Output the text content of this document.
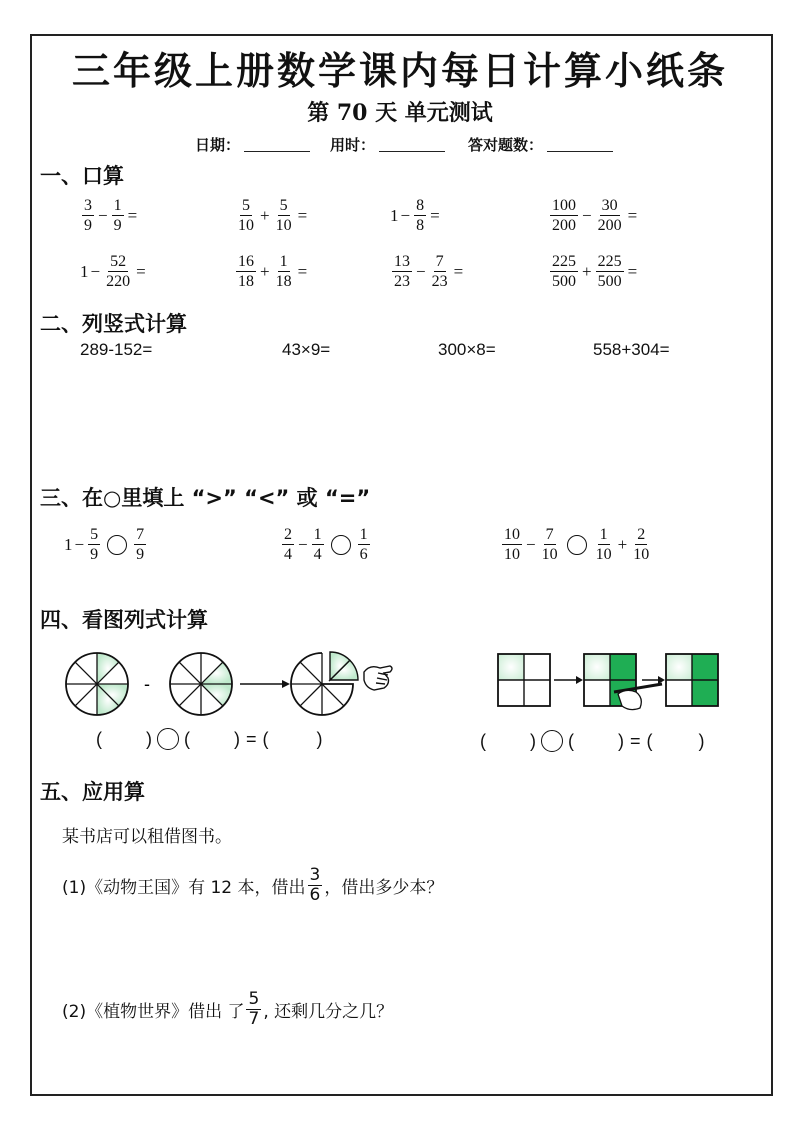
三年级上册数学课内每日计算小纸条
第 70 天 单元测试
日期：	用时：	答对题数：
一、口算
$\frac{3}{9} - \frac{1}{9}$ =	$\frac{5}{10} + \frac{5}{10}$ =	$1 - \frac{8}{8}$ =	$\frac{100}{200} - \frac{30}{200}$ =
$1 - \frac{52}{220}$ =	$\frac{16}{18} + \frac{1}{18}$ =	$\frac{13}{23} - \frac{7}{23}$ =	$\frac{225}{500} + \frac{225}{500}$ =
二、列竖式计算
289-152=	43×9=	300×8=	558+304=
三、在○里填上 “>” “<” 或 “=”
$1 - \frac{5}{9} \frac{7}{9}$	$\frac{2}{4} - \frac{1}{4} \frac{1}{6}$	$\frac{10}{10} - \frac{7}{10} \frac{1}{10} + \frac{2}{10}$
四、看图列式计算
-
( ) ( ) = (	)	( ) ( ) = (	)
五、应用算
某书店可以租借图书。
(1)《动物王国》有 12 本，借出 $\frac{3}{6}$ ，借出多少本？
(2)《植物世界》借出 了 $\frac{5}{7}$ , 还剩几分之几？
